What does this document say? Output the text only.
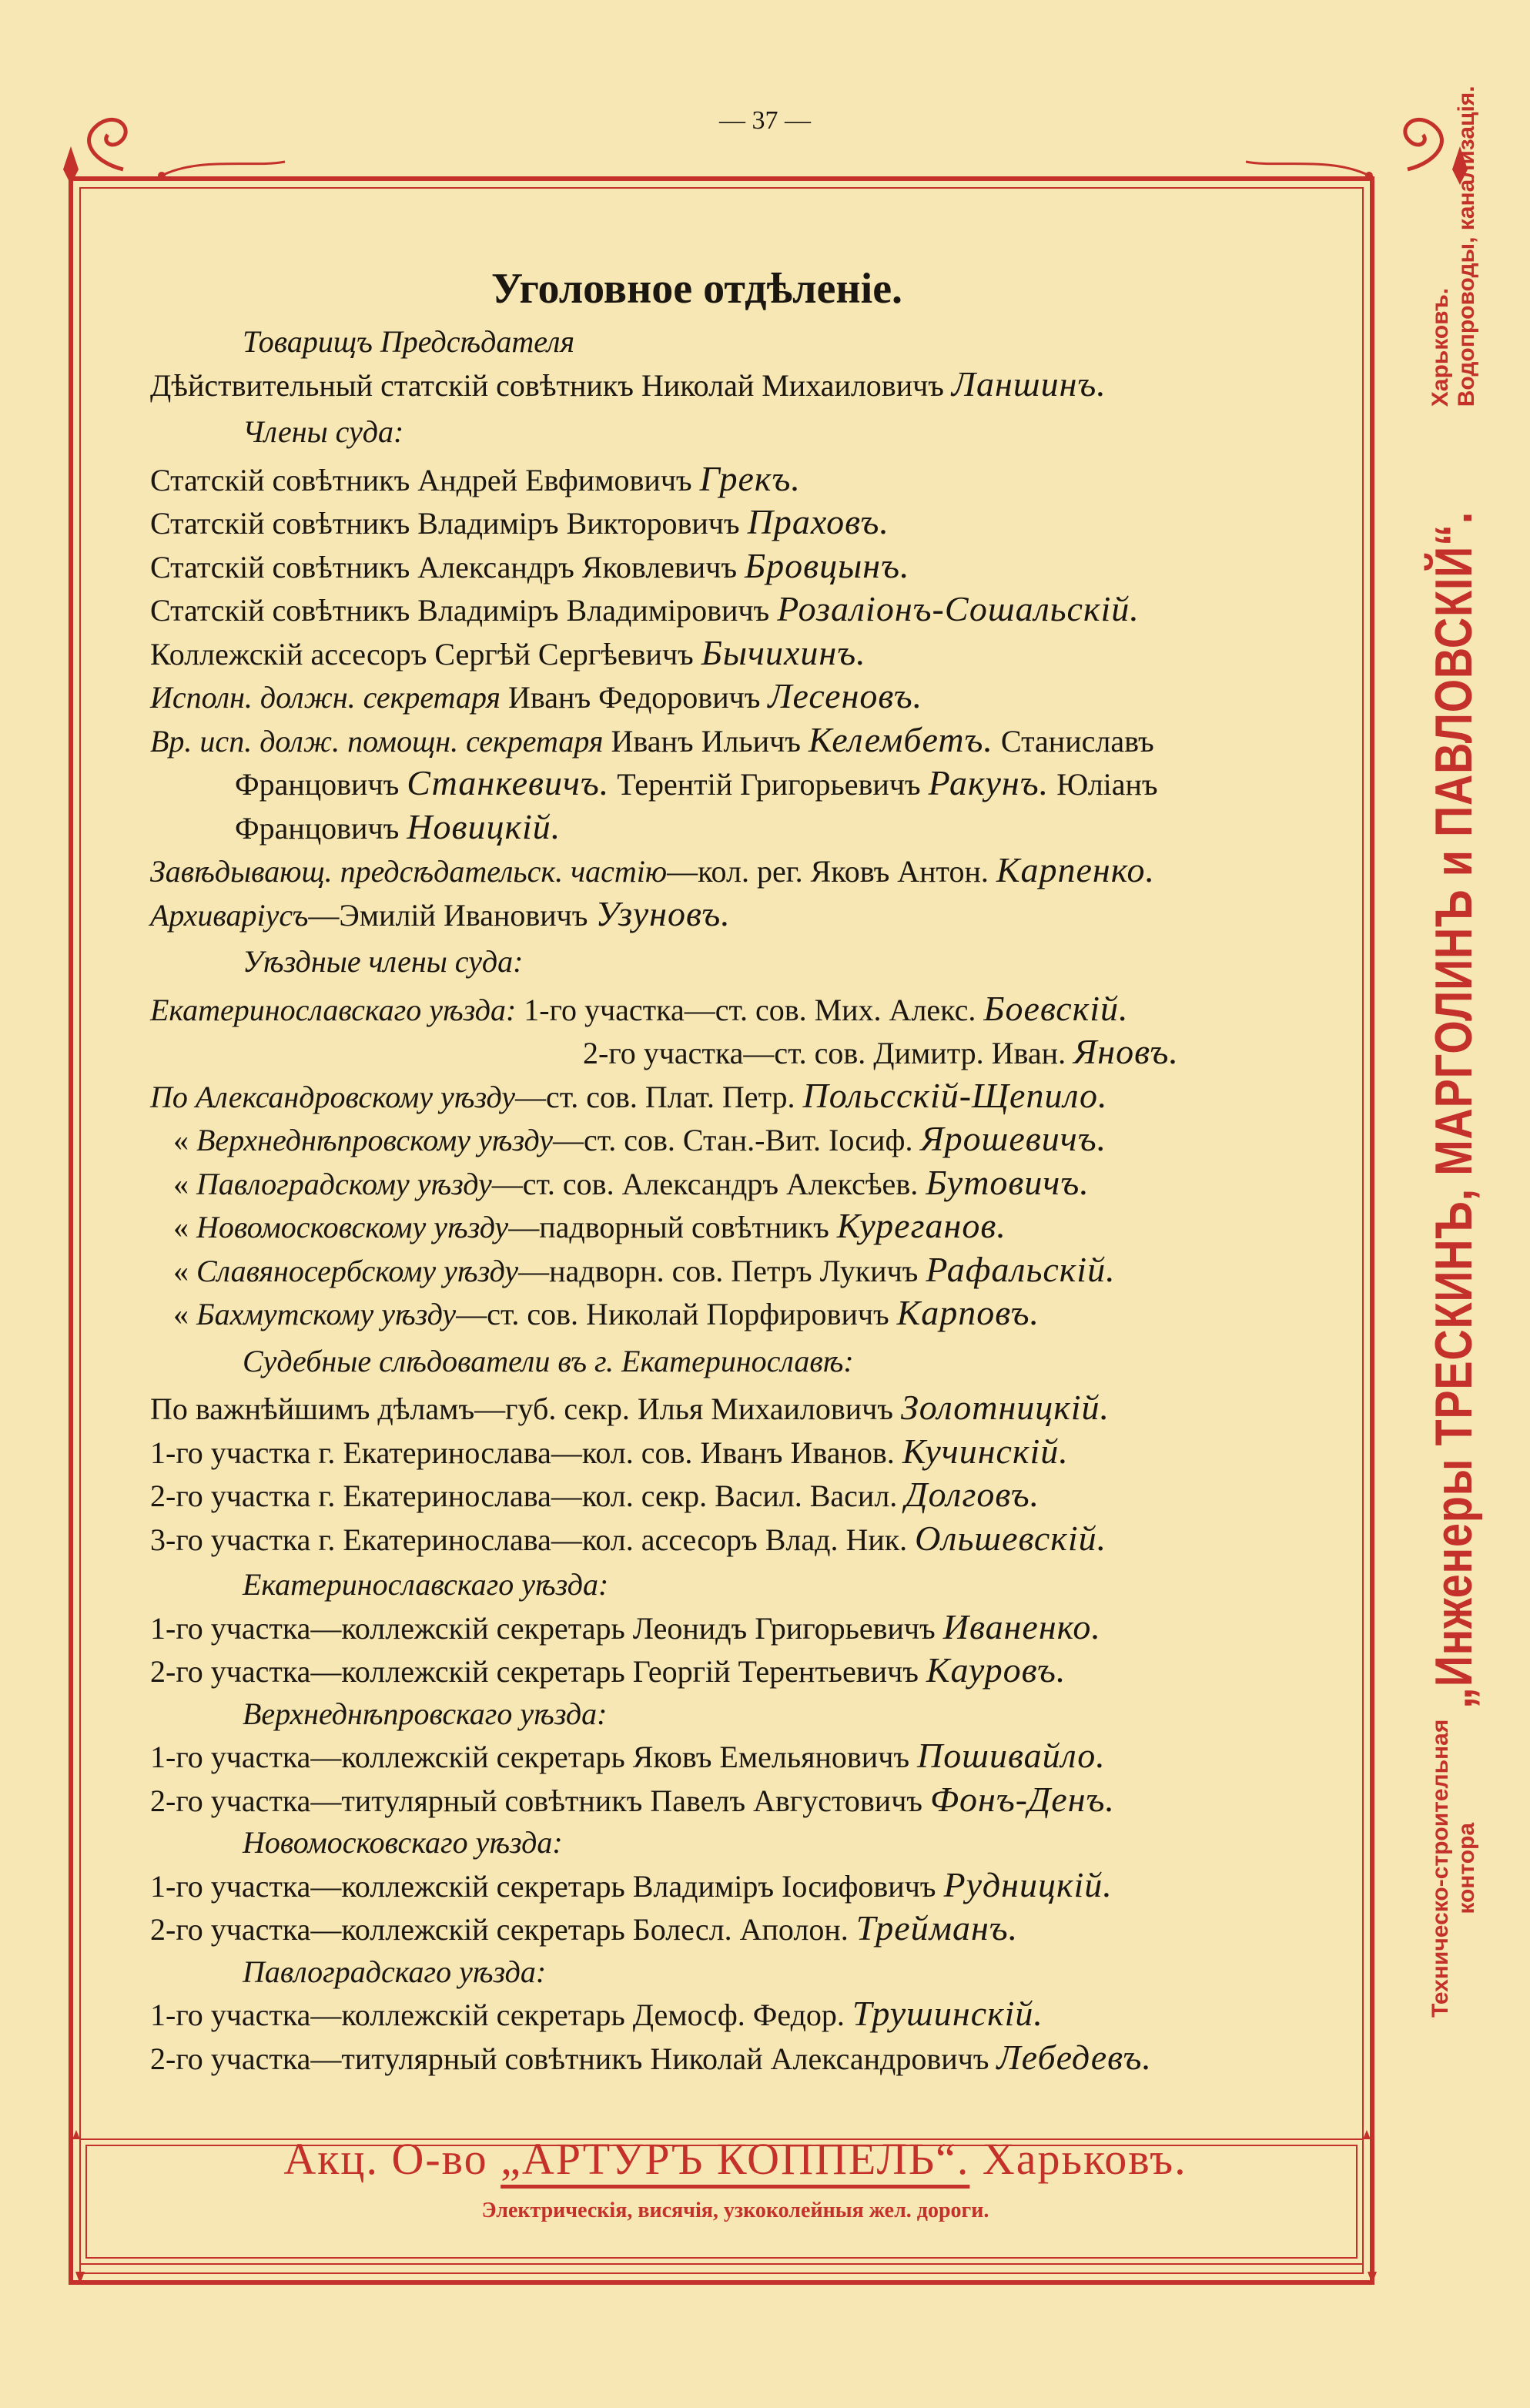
— 37 —
Уголовное отдѣленіе.
Товарищъ Предсѣдателя
Дѣйствительный статскій совѣтникъ Николай Михаиловичъ Ланшинъ.
Члены суда:
Статскій совѣтникъ Андрей Евфимовичъ Грекъ.
Статскій совѣтникъ Владиміръ Викторовичъ Праховъ.
Статскій совѣтникъ Александръ Яковлевичъ Бровцынъ.
Статскій совѣтникъ Владиміръ Владиміровичъ Розаліонъ-Сошальскій.
Коллежскій ассесоръ Сергѣй Сергѣевичъ Бычихинъ.
Исполн. должн. секретаря Иванъ Федоровичъ Лесеновъ.
Вр. исп. долж. помощн. секретаря Иванъ Ильичъ Келембетъ. Станиславъ
Францовичъ Станкевичъ. Терентій Григорьевичъ Ракунъ. Юліанъ
Францовичъ Новицкій.
Завѣдывающ. предсѣдательск. частію—кол. рег. Яковъ Антон. Карпенко.
Архиваріусъ—Эмилій Ивановичъ Узуновъ.
Уѣздные члены суда:
Екатеринославскаго уѣзда: 1-го участка—ст. сов. Мих. Алекс. Боевскій.
2-го участка—ст. сов. Димитр. Иван. Яновъ.
По Александровскому уѣзду—ст. сов. Плат. Петр. Польсскій-Щепило.
« Верхнеднѣпровскому уѣзду—ст. сов. Стан.-Вит. Іосиф. Ярошевичъ.
« Павлоградскому уѣзду—ст. сов. Александръ Алексѣев. Бутовичъ.
« Новомосковскому уѣзду—падворный совѣтникъ Куреганов.
« Славяносербскому уѣзду—надворн. сов. Петръ Лукичъ Рафальскій.
« Бахмутскому уѣзду—ст. сов. Николай Порфировичъ Карповъ.
Судебные слѣдователи въ г. Екатеринославѣ:
По важнѣйшимъ дѣламъ—губ. секр. Илья Михаиловичъ Золотницкій.
1-го участка г. Екатеринослава—кол. сов. Иванъ Иванов. Кучинскій.
2-го участка г. Екатеринослава—кол. секр. Васил. Васил. Долговъ.
3-го участка г. Екатеринослава—кол. ассесоръ Влад. Ник. Ольшевскій.
Екатеринославскаго уѣзда:
1-го участка—коллежскій секретарь Леонидъ Григорьевичъ Иваненко.
2-го участка—коллежскій секретарь Георгій Терентьевичъ Кауровъ.
Верхнеднѣпровскаго уѣзда:
1-го участка—коллежскій секретарь Яковъ Емельяновичъ Пошивайло.
2-го участка—титулярный совѣтникъ Павелъ Августовичъ Фонъ-Денъ.
Новомосковскаго уѣзда:
1-го участка—коллежскій секретарь Владиміръ Іосифовичъ Рудницкій.
2-го участка—коллежскій секретарь Болесл. Аполон. Трейманъ.
Павлоградскаго уѣзда:
1-го участка—коллежскій секретарь Демосф. Федор. Трушинскій.
2-го участка—титулярный совѣтникъ Николай Александровичъ Лебедевъ.
Техническо-строительная
контора
„Инженеры ТРЕСКИНЪ, МАРГОЛИНЪ и ПАВЛОВСКІЙ“.
Харьковъ.
Водопроводы, канализація.
Акц. О-во „АРТУРЪ КОППЕЛЬ“. Харьковъ.
Электрическія, висячія, узкоколейныя жел. дороги.
